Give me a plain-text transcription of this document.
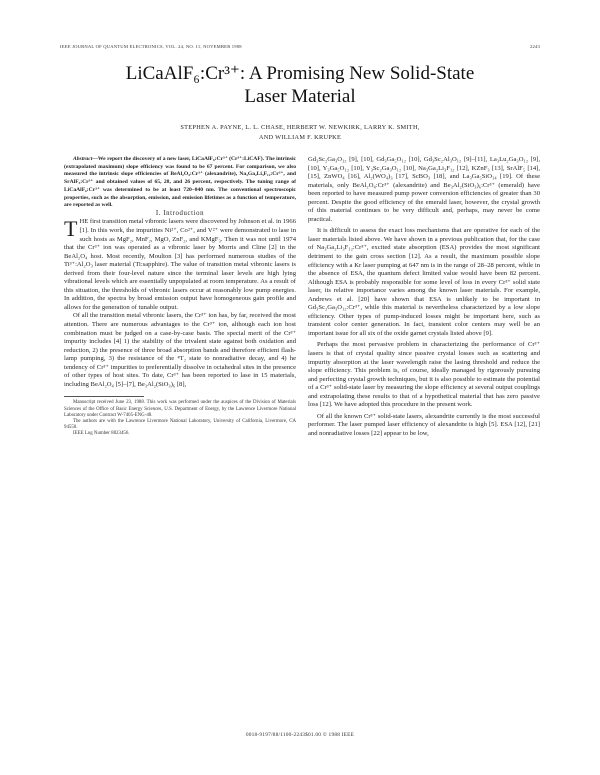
IEEE JOURNAL OF QUANTUM ELECTRONICS, VOL. 24, NO. 11, NOVEMBER 1988	2243
LiCaAlF₆:Cr³⁺: A Promising New Solid-State
Laser Material
STEPHEN A. PAYNE, L. L. CHASE, HERBERT W. NEWKIRK, LARRY K. SMITH,
AND WILLIAM F. KRUPKE

Abstract—We report the discovery of a new laser, LiCaAlF₆:Cr³⁺ (Cr³⁺:LiCAF). The intrinsic (extrapolated maximum) slope efficiency was found to be 67 percent. For comparison, we also measured the intrinsic slope efficiencies of BeAl₂O₄:Cr³⁺ (alexandrite), Na₃Ga₂Li₃F₁₂:Cr³⁺, and SrAlF₅:Cr³⁺ and obtained values of 65, 28, and 26 percent, respectively. The tuning range of LiCaAlF₆:Cr³⁺ was determined to be at least 720–840 nm. The conventional spectroscopic properties, such as the absorption, emission, and emission lifetimes as a function of temperature, are reported as well.

I. Introduction

THE first transition metal vibronic lasers were discovered by Johnson et al. in 1966 [1]. In this work, the impurities Ni²⁺, Co²⁺, and V²⁺ were demonstrated to lase in such hosts as MgF₂, MnF₂, MgO, ZnF₂, and KMgF₃. Then it was not until 1974 that the Cr³⁺ ion was operated as a vibronic laser by Morris and Cline [2] in the BeAl₂O₄ host. Most recently, Moulton [3] has performed numerous studies of the Ti³⁺:Al₂O₃ laser material (Ti:sapphire). The value of transition metal vibronic lasers is derived from their four-level nature since the terminal laser levels are high lying vibrational levels which are essentially unpopulated at room temperature. As a result of this situation, the thresholds of vibronic lasers occur at reasonably low pump energies. In addition, the spectra by broad emission output have homogeneous gain profile and allows for the generation of tunable output.

Of all the transition metal vibronic lasers, the Cr³⁺ ion has, by far, received the most attention. There are numerous advantages to the Cr³⁺ ion, although each ion host combination must be judged on a case-by-case basis. The special merit of the Cr³⁺ impurity includes [4] 1) the stability of the trivalent state against both oxidation and reduction, 2) the presence of three broad absorption bands and therefore efficient flash-lamp pumping, 3) the resistance of the ⁴T₂ state to nonradiative decay, and 4) he tendency of Cr³⁺ impurities to preferentially dissolve in octahedral sites in the presence of other types of host sites. To date, Cr³⁺ has been reported to lase in 15 materials, including BeAl₂O₄ [5]–[7], Be₃Al₂(SiO₃)₆ [8],

Manuscript received June 23, 1988. This work was performed under the auspices of the Division of Materials Sciences of the Office of Basic Energy Sciences, U.S. Department of Energy, by the Lawrence Livermore National Laboratory under Contract W-7405-ENG-48.

The authors are with the Lawrence Livermore National Laboratory, University of California, Livermore, CA 94550.

IEEE Log Number 8823456.

Gd₃Sc₂Ga₃O₁₂ [9], [10], Gd₃Ga₅O₁₂ [10], Gd₃Sc₂Al₃O₁₂ [9]–[11], La₃Lu₂Ga₃O₁₂ [9], [10], Y₃Ga₅O₁₂ [10], Y₃Sc₂Ga₃O₁₂ [10], Na₃Ga₂Li₃F₁₂ [12], KZnF₃ [13], SrAlF₅ [14], [15], ZnWO₄ [16], Al₂(WO₄)₃ [17], ScBO₃ [18], and La₃Ga₅SiO₁₄ [19]. Of these materials, only BeAl₂O₄:Cr³⁺ (alexandrite) and Be₃Al₂(SiO₃)₆:Cr³⁺ (emerald) have been reported to have measured pump power conversion efficiencies of greater than 30 percent. Despite the good efficiency of the emerald laser, however, the crystal growth of this material continues to be very difficult and, perhaps, may never be come practical.

It is difficult to assess the exact loss mechanisms that are operative for each of the laser materials listed above. We have shown in a previous publication that, for the case of Na₃Ga₂Li₃F₁₂:Cr³⁺, excited state absorption (ESA) provides the most significant detriment to the gain cross section [12]. As a result, the maximum possible slope efficiency with a Kr laser pumping at 647 nm is in the range of 28–28 percent, while in the absence of ESA, the quantum defect limited value would have been 82 percent. Although ESA is probably responsible for some level of loss in every Cr³⁺ solid state laser, its relative importance varies among the known laser materials. For example, Andrews et al. [20] have shown that ESA is unlikely to be important in Gd₃Sc₂Ga₃O₁₂:Cr³⁺, while this material is nevertheless characterized by a low slope efficiency. Other types of pump-induced losses might be important here, such as transient color center generation. In fact, transient color centers may well be an important issue for all six of the oxide garnet crystals listed above [9].

Perhaps the most pervasive problem in characterizing the performance of Cr³⁺ lasers is that of crystal quality since passive crystal losses such as scattering and impurity absorption at the laser wavelength raise the lasing threshold and reduce the slope efficiency. This problem is, of course, ideally managed by rigorously pursuing and perfecting crystal growth techniques, but it is also possible to estimate the potential of a Cr³⁺ solid-state laser by measuring the slope efficiency at several output couplings and extrapolating these results to that of a hypothetical material that has zero passive loss [12]. We have adopted this procedure in the present work.

Of all the known Cr³⁺ solid-state lasers, alexandrite currently is the most successful performer. The laser pumped laser efficiency of alexandrite is high [5]. ESA [12], [21] and nonradiative losses [22] appear to be low,

0018-9197/88/1100-2243$01.00 © 1988 IEEE
